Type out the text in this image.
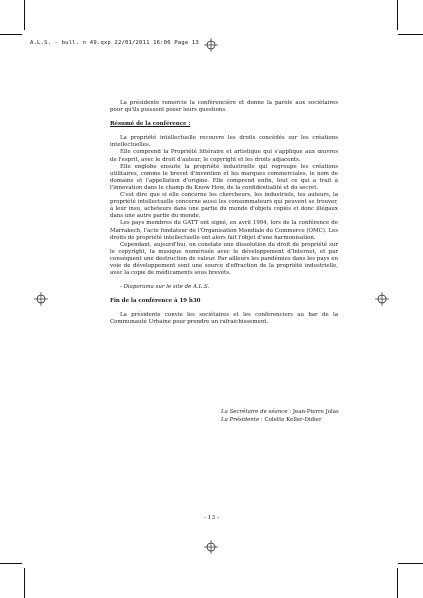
A.L.S. - bull. n 49.qxp 22/01/2011 16:06 Page 13

La présidente remercie la conférencière et donne la parole aux sociétaires pour qu'ils puissent poser leurs questions.

Résumé de la conférence :

La propriété intellectuelle recouvre les droits concédés sur les créations intellectuelles.

Elle comprend la Propriété littéraire et artistique qui s'applique aux œuvres de l'esprit, avec le droit d'auteur, le copyright et les droits adjacents.

Elle englobe ensuite la propriété industrielle qui regroupe les créations utilitaires, comme le brevet d'invention et les marques commerciales, le nom de domaine et l'appellation d'origine. Elle comprend enfin, tout ce qui a trait à l'innovation dans le champ du Know How, de la confidentialité et du secret.

C'est dire que si elle concerne les chercheurs, les industriels, les auteurs, la propriété intellectuelle concerne aussi les consommateurs qui peuvent se trouver, à leur insu, acheteurs dans une partie du monde d'objets copiés et donc illégaux dans une autre partie du monde.

Les pays membres du GATT ont signé, en avril 1994, lors de la conférence de Marrakech, l'acte fondateur de l'Organisation Mondiale du Commerce (OMC). Les droits de propriété intellectuelle ont alors fait l'objet d'une harmonisation.

Cependant, aujourd'hui, on constate une dissolution du droit de propriété sur le copyright, la musique numérisée avec le développement d'Internet, et par conséquent une destruction de valeur. Par ailleurs les pandémies dans les pays en voie de développement sont une source d'effraction de la propriété industrielle, avec la copie de médicaments sous brevets.

- Diaporama sur le site de A.L.S.

Fin de la conférence à 19 h30

La présidente convie les sociétaires et les conférenciers au bar de la Communauté Urbaine pour prendre un rafraichissement.

La Secrétaire de séance : Jean-Pierre Jolas
La Présidente : Colette Keller-Didier
- 13 -
